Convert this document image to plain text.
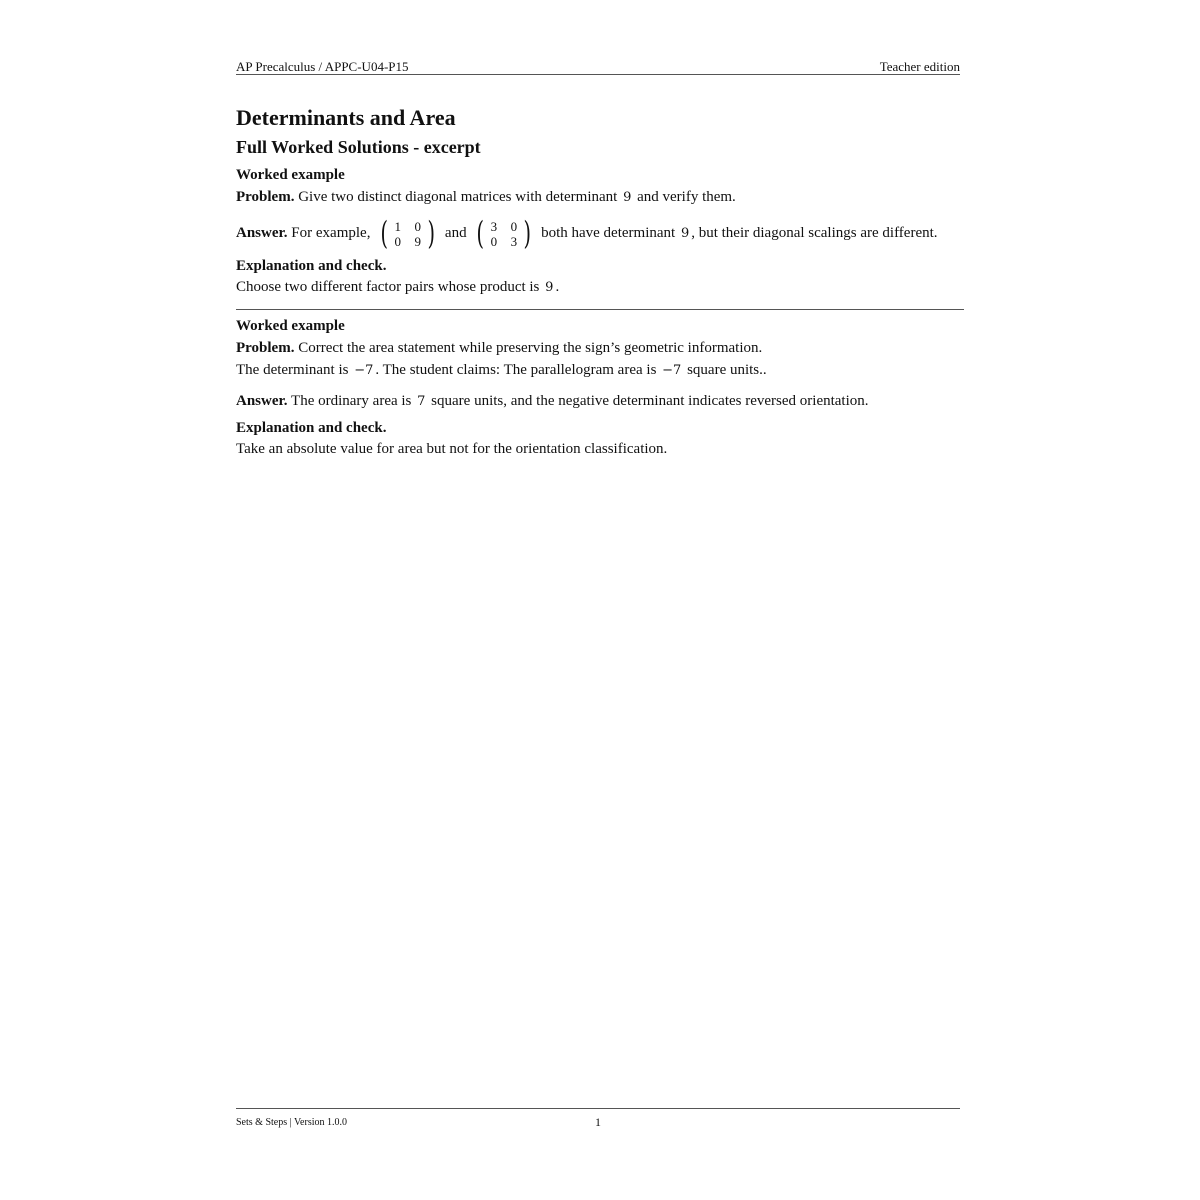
AP Precalculus / APPC-U04-P15	Teacher edition
Determinants and Area
Full Worked Solutions - excerpt
Worked example
Problem. Give two distinct diagonal matrices with determinant 9 and verify them.
Answer. For example, ( 1 0
0 9 ) and ( 3 0
0 3 ) both have determinant 9 , but their diagonal scalings are different.
Explanation and check.
Choose two different factor pairs whose product is 9 .
Worked example
Problem. Correct the area statement while preserving the sign’s geometric information.
The determinant is −7 . The student claims: The parallelogram area is −7 square units..
Answer. The ordinary area is 7 square units, and the negative determinant indicates reversed orientation.
Explanation and check.
Take an absolute value for area but not for the orientation classification.
Sets & Steps | Version 1.0.0	1
